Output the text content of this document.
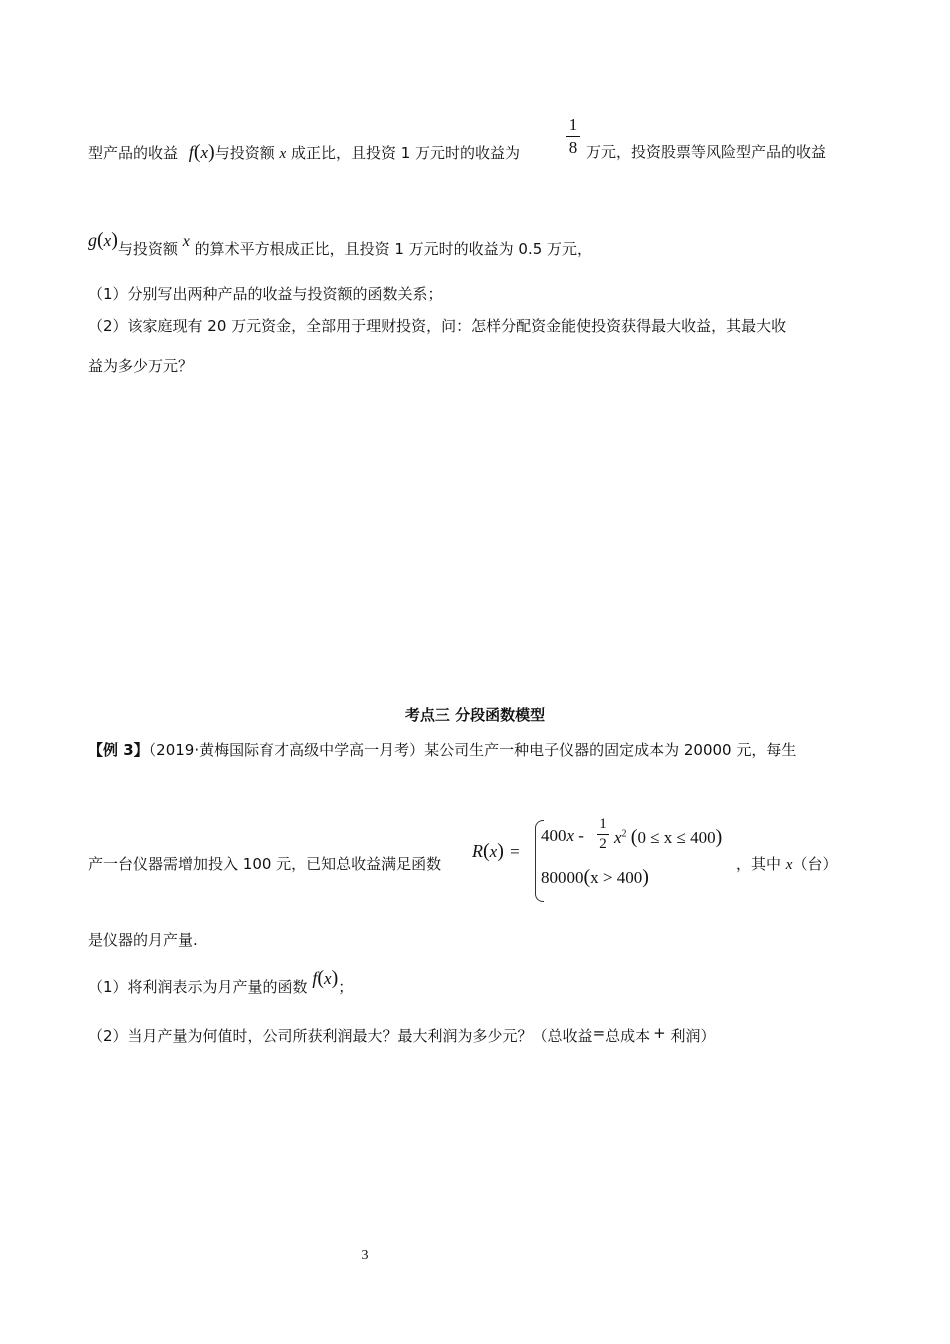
型产品的收益 f(x)与投资额 x 成正比，且投资 1 万元时的收益为
1
8 万元，投资股票等风险型产品的收益
g(x)与投资额 x 的算术平方根成正比，且投资 1 万元时的收益为 0.5 万元，
（1）分别写出两种产品的收益与投资额的函数关系；
（2）该家庭现有 20 万元资金，全部用于理财投资，问：怎样分配资金能使投资获得最大收益，其最大收
益为多少万元？
考点三 分段函数模型
【例 3】（2019·黄梅国际育才高级中学高一月考）某公司生产一种电子仪器的固定成本为 20000 元，每生
产一台仪器需增加投入 100 元，已知总收益满足函数
R(x) =
400x -
1
2 $x^2$ (0 ≤ x ≤ 400)
80000(x > 400)
，其中 x（台）
是仪器的月产量.
（1）将利润表示为月产量的函数 f(x)；
（2）当月产量为何值时，公司所获利润最大？最大利润为多少元？（总收益=总成本 + 利润）
3
